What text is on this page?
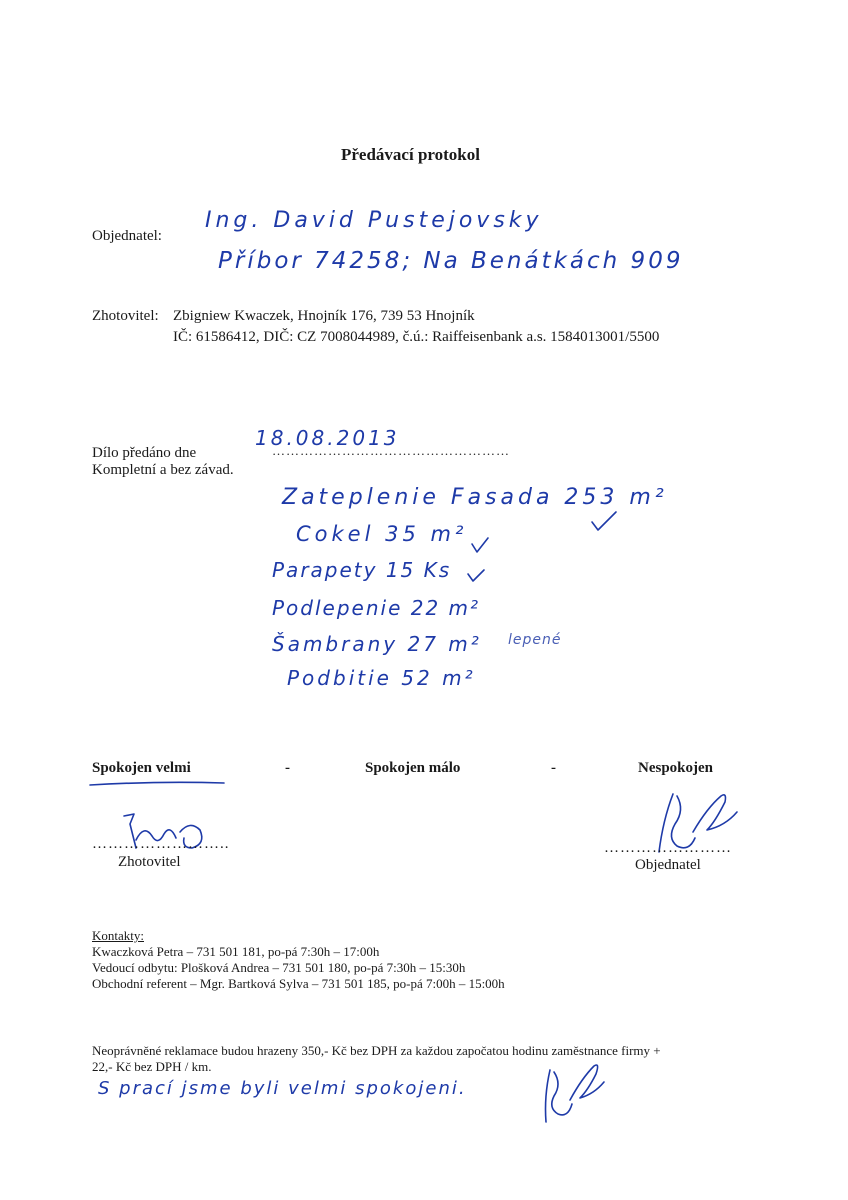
Předávací protokol
Objednatel:
Ing. David Pustejovsky
Příbor 74258; Na Benátkách 909
Zhotovitel: Zbigniew Kwaczek, Hnojník 176, 739 53 Hnojník
IČ: 61586412, DIČ: CZ 7008044989, č.ú.: Raiffeisenbank a.s. 1584013001/5500
18.08.2013
Dílo předáno dne	……………………………………………
Kompletní a bez závad.
Zateplenie Fasada 253 m²
Cokel 35 m²
Parapety 15 Ks
Podlepenie 22 m²
Šambrany 27 m²
Podbitie 52 m²
lepené
Spokojen velmi	-	Spokojen málo	-	Nespokojen
……………………..
Zhotovitel
……………………
Objednatel
Kontakty:
Kwaczková Petra – 731 501 181, po-pá 7:30h – 17:00h
Vedoucí odbytu: Plošková Andrea – 731 501 180, po-pá 7:30h – 15:30h
Obchodní referent – Mgr. Bartková Sylva – 731 501 185, po-pá 7:00h – 15:00h
Neoprávněné reklamace budou hrazeny 350,- Kč bez DPH za každou započatou hodinu zaměstnance firmy +
22,- Kč bez DPH / km.
S prací jsme byli velmi spokojeni.
